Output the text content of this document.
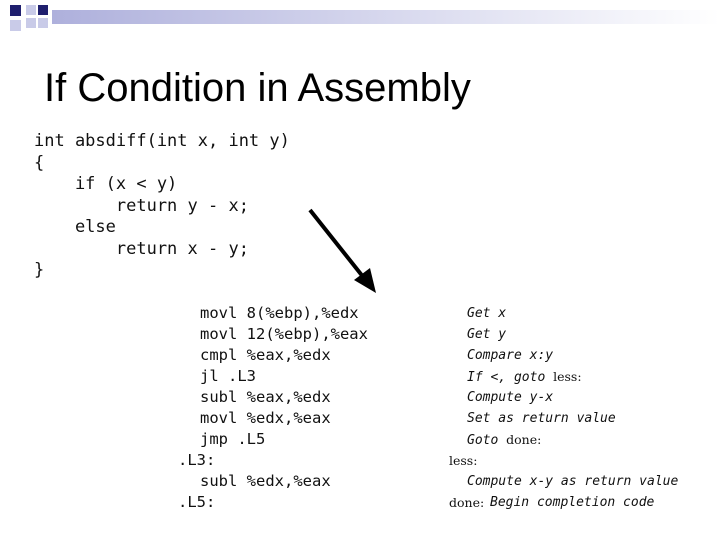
If Condition in Assembly
int absdiff(int x, int y)
{
if (x < y)
return y - x;
else
return x - y;
}
movl 8(%ebp),%edx	Get x
movl 12(%ebp),%eax	Get y
cmpl %eax,%edx	Compare x:y
jl .L3	If <, goto less:
subl %eax,%edx	Compute y-x
movl %edx,%eax	Set as return value
jmp .L5	Goto done:
.L3:	less:
subl %edx,%eax	Compute x-y as return value
.L5:	done: Begin completion code
